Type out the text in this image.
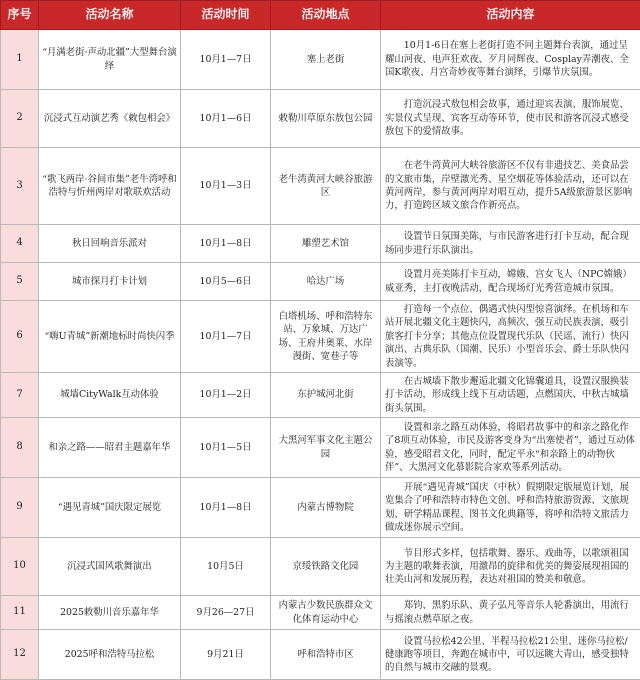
序号	活动名称	活动时间	活动地点	活动内容
1	“月满老街·声动北疆”大型舞台演绎	10月1—7日	塞上老街	10月1-6日在塞上老街打造不同主题舞台表演，通过呈耀山河夜、电声狂欢夜、歹月同辉夜、Cosplay弄潮夜、全国K歌夜、月宫奇妙夜等舞台演绎，引爆节庆氛围。
2	沉浸式互动演艺秀《敕包相会》	10月1—6日	敕勒川草原东敖包公园	打造沉浸式敖包相会故事，通过迎宾表演、服饰展览、实景仪式呈现、宾客互动等环节，使市民和游客沉浸式感受敖包下的爱情故事。
3	“歌飞两岸·谷间市集”老牛湾呼和浩特与忻州两岸对歌联欢活动	10月1—3日	老牛湾黄河大峡谷旅游区	在老牛湾黄河大峡谷旅游区不仅有非遗技艺、美食品尝的文旅市集，岸壁激光秀、星空烟花等体验活动，还可以在黄河两岸，参与黄河两岸对唱互动，提升5A级旅游景区影响力，打造跨区域文旅合作新亮点。
4	秋日回响音乐派对	10月1—8日	雕塑艺术馆	设置节日氛围美陈，与市民游客进行打卡互动，配合现场同步进行乐队演出。
5	城市探月打卡计划	10月5—6日	哈达广场	设置月亮美陈打卡互动，嫦娥、宫女飞人（NPC嫦娥）威亚秀，主打夜晚活动，配合现场灯光秀营造城市氛围。
6	“嗨U青城”新潮地标时尚快闪季	10月1—7日	白塔机场、呼和浩特东站、万象城、万达广场、王府井奥莱、水岸漫街、宽巷子等	打造每一个点位、偶遇式快闪型惊喜演绎。在机场和车站开展北疆文化主题快闪，高频次、强互动民族表演，吸引旅客打卡分享；其他点位设置现代乐队（民谣、流行）快闪演出、古典乐队（国潮、民乐）小型音乐会、爵士乐队快闪表演等。
7	城墙CityWalk互动体验	10月1—2日	东护城河北街	在古城墙下散步邂逅北疆文化锦囊道具，设置汉服换装打卡活动，形成线上线下互动话题，点燃国庆、中秋古城墙街头氛围。
8	和亲之路——昭君主题嘉年华	10月1—5日	大黑河军事文化主题公园	设置和亲之路互动体验，将昭君故事中的和亲之路化作了8项互动体验，市民及游客变身为“出塞使者”，通过互动体验，感受昭君文化，同时，配定平永“和亲路上的动物伙伴”、大黑河文化慕影院合家欢等系列活动。
9	“遇见青城”国庆限定展览	10月1—8日	内蒙古博物院	开展“遇见青城”国庆（中秋）假期限定版展览计划，展览集合了呼和浩特市特色文创、呼和浩特旅游资源、文旅规划、研学精品课程、图书文化典籍等，将呼和浩特文旅活力做成迷你展示空间。
10	沉浸式国风歌舞演出	10月5日	京绥铁路文化园	节目形式多样，包括歌舞、器乐、戏曲等，以歌颂祖国为主题的歌舞表演，用激昂的旋律和优美的舞姿展现祖国的壮美山河和发展历程，表达对祖国的赞美和敬意。
11	2025敕勒川音乐嘉年华	9月26—27日	内蒙古少数民族群众文化体育运动中心	郑钧、黑豹乐队、黄子弘凡等音乐人轮番演出，用流行与摇滚点燃草原之夜。
12	2025呼和浩特马拉松	9月21日	呼和浩特市区	设置马拉松42公里、半程马拉松21公里、迷你马拉松/健康跑等项目，奔跑在城市中，可以远眺大青山，感受独特的自然与城市交融的景观。
